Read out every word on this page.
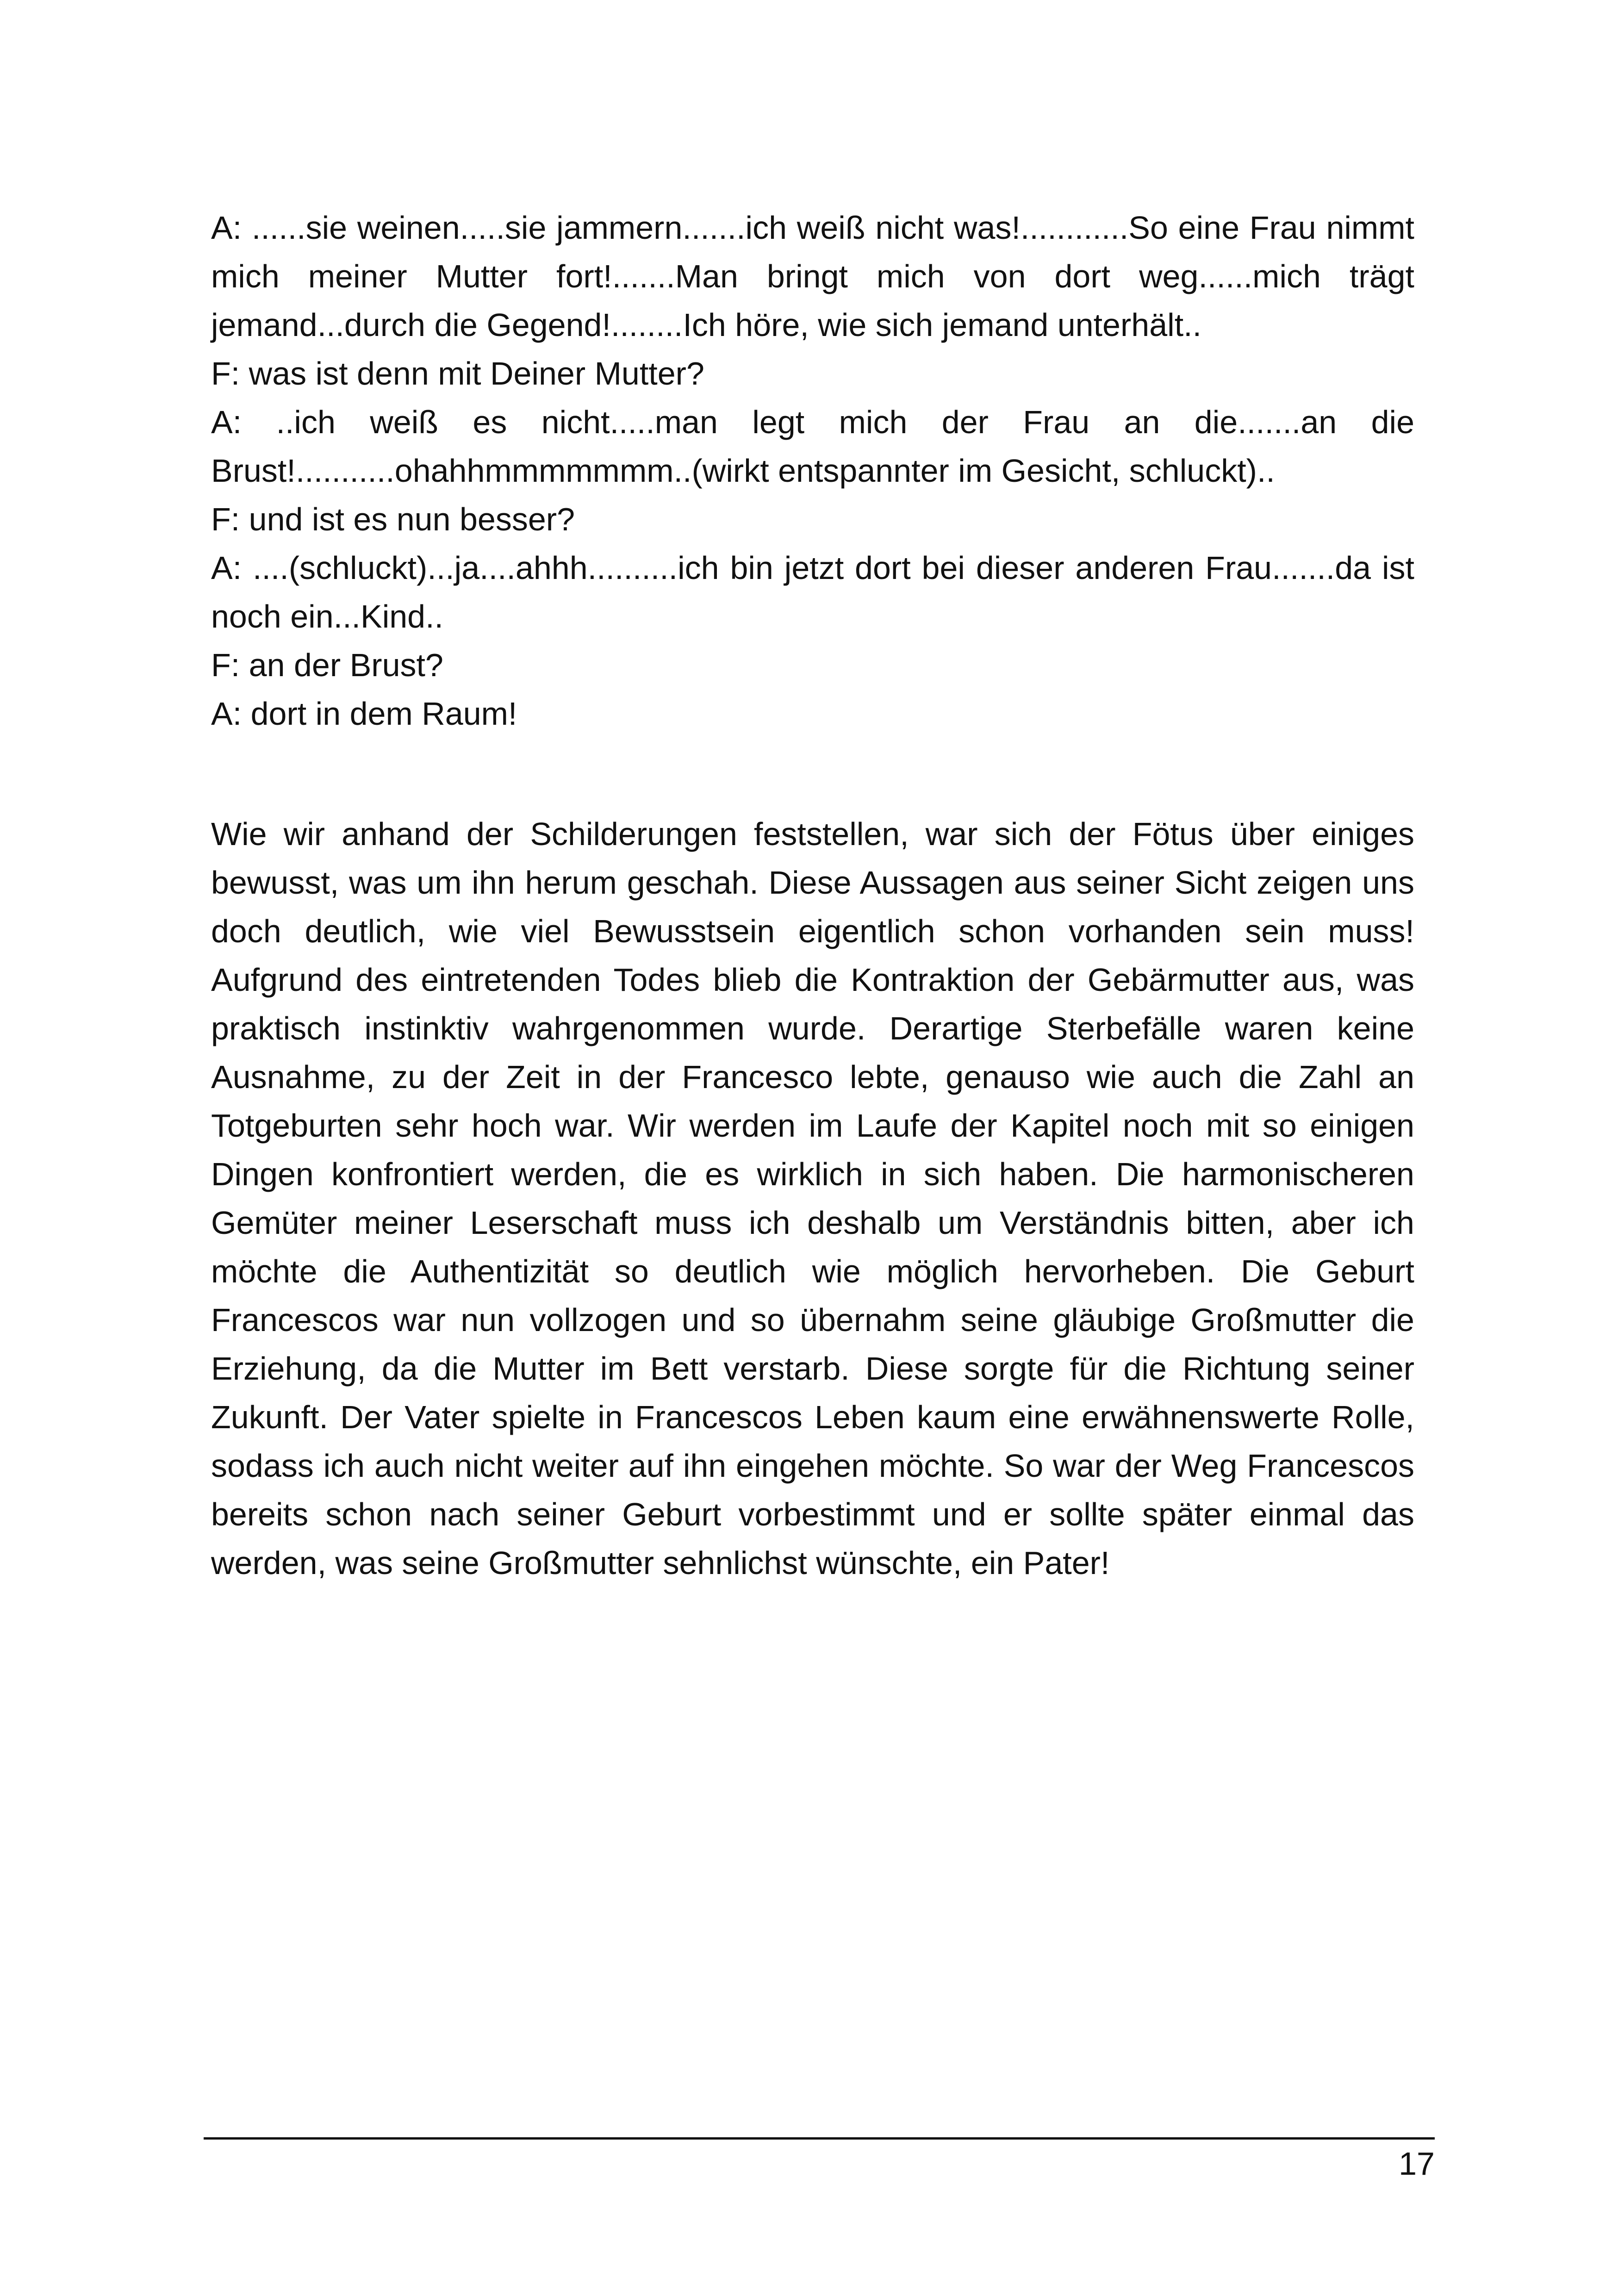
A: ......sie weinen.....sie jammern.......ich weiß nicht was!............So eine Frau nimmt mich meiner Mutter fort!.......Man bringt mich von dort weg......mich trägt jemand...durch die Gegend!........Ich höre, wie sich jemand unterhält..

F: was ist denn mit Deiner Mutter?

A: ..ich weiß es nicht.....man legt mich der Frau an die.......an die Brust!...........ohahhmmmmmmm..(wirkt entspannter im Gesicht, schluckt)..

F: und ist es nun besser?

A: ....(schluckt)...ja....ahhh..........ich bin jetzt dort bei dieser anderen Frau.......da ist noch ein...Kind..

F: an der Brust?

A: dort in dem Raum!

Wie wir anhand der Schilderungen feststellen, war sich der Fötus über einiges bewusst, was um ihn herum geschah. Diese Aussagen aus seiner Sicht zeigen uns doch deutlich, wie viel Bewusstsein eigentlich schon vorhanden sein muss! Aufgrund des eintretenden Todes blieb die Kontraktion der Gebärmutter aus, was praktisch instinktiv wahrgenommen wurde. Derartige Sterbefälle waren keine Ausnahme, zu der Zeit in der Francesco lebte, genauso wie auch die Zahl an Totgeburten sehr hoch war. Wir werden im Laufe der Kapitel noch mit so einigen Dingen konfrontiert werden, die es wirklich in sich haben. Die harmonischeren Gemüter meiner Leserschaft muss ich deshalb um Verständnis bitten, aber ich möchte die Authentizität so deutlich wie möglich hervorheben. Die Geburt Francescos war nun vollzogen und so übernahm seine gläubige Großmutter die Erziehung, da die Mutter im Bett verstarb. Diese sorgte für die Richtung seiner Zukunft. Der Vater spielte in Francescos Leben kaum eine erwähnenswerte Rolle, sodass ich auch nicht weiter auf ihn eingehen möchte. So war der Weg Francescos bereits schon nach seiner Geburt vorbestimmt und er sollte später einmal das werden, was seine Großmutter sehnlichst wünschte, ein Pater!

17
